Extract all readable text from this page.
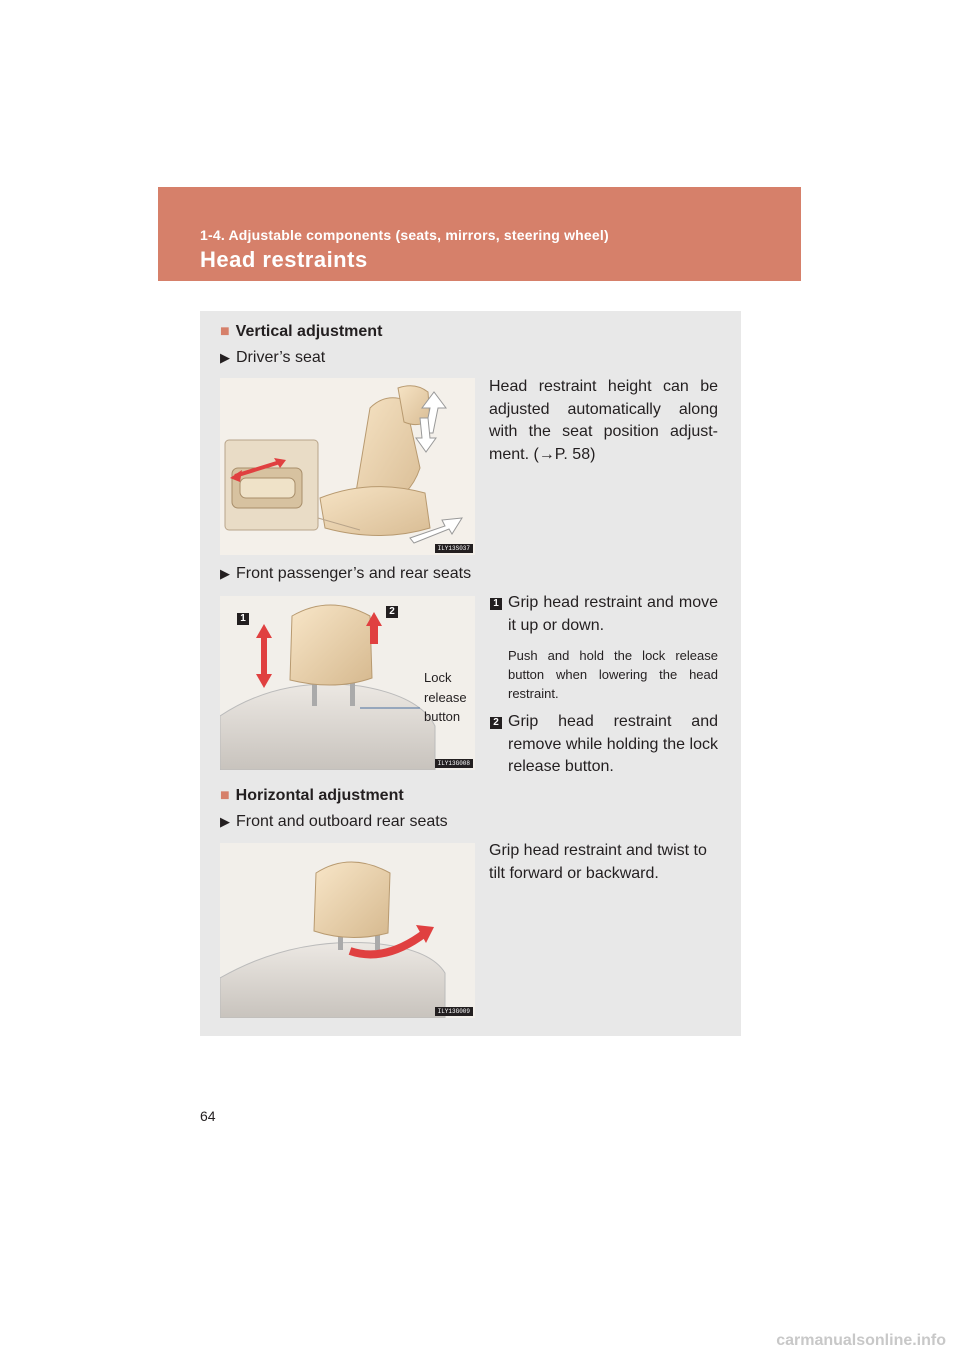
1-4. Adjustable components (seats, mirrors, steering wheel)
Head restraints
■ Vertical adjustment
▶ Driver’s seat
ILY13S037
Head restraint height can be adjusted automatically along with the seat position adjust- ment. (→P. 58)
▶ Front passenger’s and rear seats
1
2
ILY13G008
Lock
release
button
1 Grip head restraint and move it up or down.
Push and hold the lock release button when lowering the head restraint.
2 Grip head restraint and remove while holding the lock release button.
■ Horizontal adjustment
▶ Front and outboard rear seats
ILY13G009
Grip head restraint and twist to tilt forward or backward.
64
carmanualsonline.info
